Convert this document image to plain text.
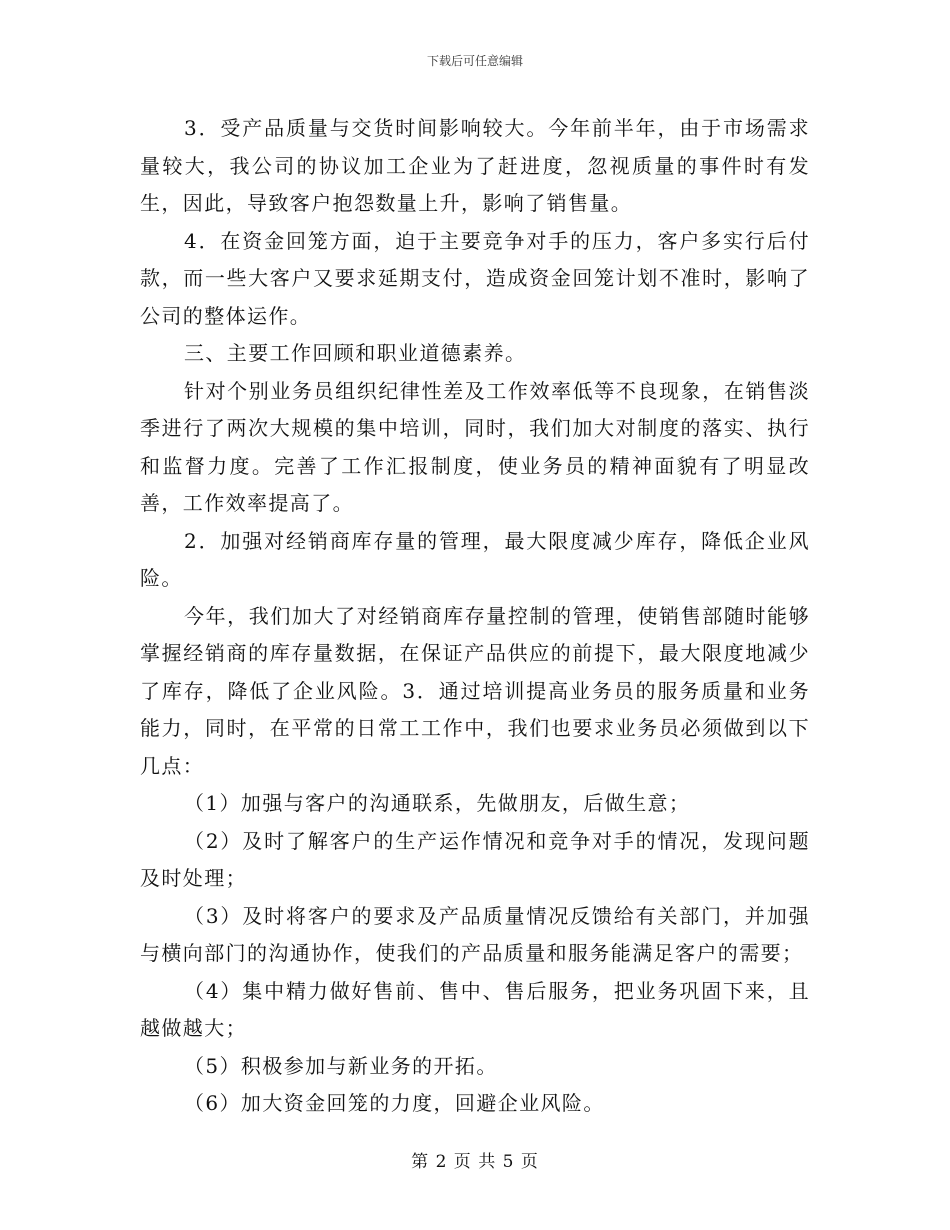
下载后可任意编辑

3．受产品质量与交货时间影响较大。今年前半年，由于市场需求量较大，我公司的协议加工企业为了赶进度，忽视质量的事件时有发生，因此，导致客户抱怨数量上升，影响了销售量。

4．在资金回笼方面，迫于主要竞争对手的压力，客户多实行后付款，而一些大客户又要求延期支付，造成资金回笼计划不准时，影响了公司的整体运作。

三、主要工作回顾和职业道德素养。

针对个别业务员组织纪律性差及工作效率低等不良现象，在销售淡季进行了两次大规模的集中培训，同时，我们加大对制度的落实、执行和监督力度。完善了工作汇报制度，使业务员的精神面貌有了明显改善，工作效率提高了。

2．加强对经销商库存量的管理，最大限度减少库存，降低企业风险。

今年，我们加大了对经销商库存量控制的管理，使销售部随时能够掌握经销商的库存量数据，在保证产品供应的前提下，最大限度地减少了库存，降低了企业风险。3．通过培训提高业务员的服务质量和业务能力，同时，在平常的日常工工作中，我们也要求业务员必须做到以下几点：

（1）加强与客户的沟通联系，先做朋友，后做生意；

（2）及时了解客户的生产运作情况和竞争对手的情况，发现问题及时处理；

（3）及时将客户的要求及产品质量情况反馈给有关部门，并加强与横向部门的沟通协作，使我们的产品质量和服务能满足客户的需要；

（4）集中精力做好售前、售中、售后服务，把业务巩固下来，且越做越大；

（5）积极参加与新业务的开拓。

（6）加大资金回笼的力度，回避企业风险。

第 2 页 共 5 页
